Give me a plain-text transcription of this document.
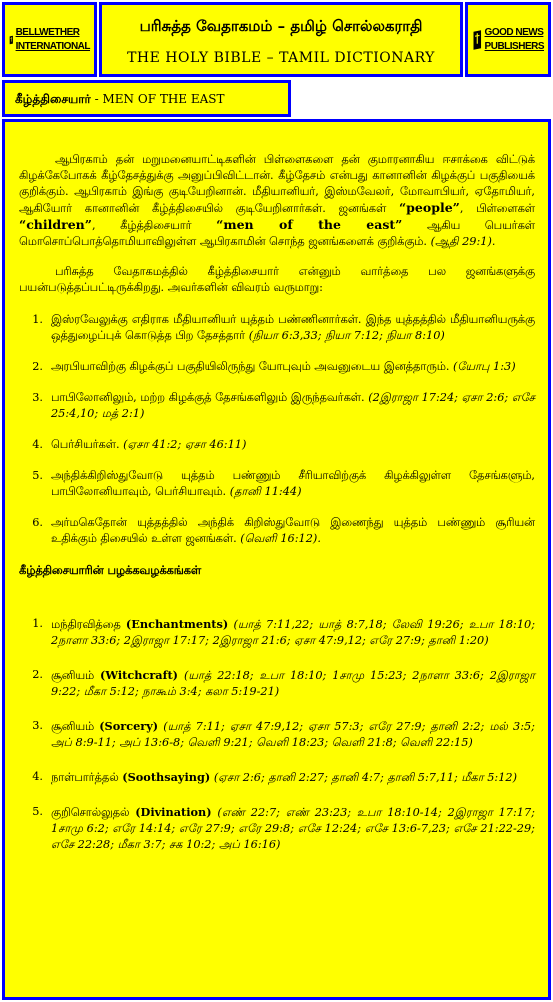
BELLWETHER
INTERNATIONAL
பரிசுத்த வேதாகமம் – தமிழ் சொல்லகராதி
THE HOLY BIBLE – TAMIL DICTIONARY
GOOD NEWS
PUBLISHERS
கீழ்த்திசையார் - MEN OF THE EAST

ஆபிரகாம் தன் மறுமனையாட்டிகளின் பிள்ளைகளை தன் குமாரனாகிய ஈசாக்கை விட்டுக் கிழக்கேபோகக் கீழ்தேசத்துக்கு அனுப்பிவிட்டான். கீழ்தேசம் என்பது கானானின் கிழக்குப் பகுதியைக் குறிக்கும். ஆபிரகாம் இங்கு குடியேறினான். மீதியானியர், இஸ்மவேலர், மோவாபியர், ஏதோமியர், ஆகியோர் கானானின் கீழ்த்திசையில் குடியேறினார்கள். ஜனங்கள் “people”, பிள்ளைகள் “children”, கீழ்த்திசையார் “men of the east” ஆகிய பெயர்கள் மொசொப்பொத்தொமியாவிலுள்ள ஆபிரகாமின் சொந்த ஜனங்களைக் குறிக்கும். (ஆதி 29:1).

பரிசுத்த வேதாகமத்தில் கீழ்த்திசையார் என்னும் வார்த்தை பல ஜனங்களுக்கு பயன்படுத்தப்பட்டிருக்கிறது. அவர்களின் விவரம் வருமாறு:

1. இஸ்ரவேலுக்கு எதிராக மீதியானியர் யுத்தம் பண்ணினார்கள். இந்த யுத்தத்தில் மீதியானியருக்கு ஒத்துழைப்புக் கொடுத்த பிற தேசத்தார் (நியா 6:3,33; நியா 7:12; நியா 8:10)
2. அரபியாவிற்கு கிழக்குப் பகுதியிலிருந்து யோபுவும் அவனுடைய இனத்தாரும். (யோபு 1:3)
3. பாபிலோனிலும், மற்ற கிழக்குத் தேசங்களிலும் இருந்தவர்கள். (2இராஜா 17:24; ஏசா 2:6; எசே 25:4,10; மத் 2:1)
4. பெர்சியர்கள். (ஏசா 41:2; ஏசா 46:11)
5. அந்திக்கிறிஸ்துவோடு யுத்தம் பண்ணும் சீரியாவிற்குக் கிழக்கிலுள்ள தேசங்களும், பாபிலோனியாவும், பெர்சியாவும். (தானி 11:44)
6. அர்மகெதோன் யுத்தத்தில் அந்திக் கிறிஸ்துவோடு இணைந்து யுத்தம் பண்ணும் சூரியன் உதிக்கும் திசையில் உள்ள ஜனங்கள். (வெளி 16:12).
கீழ்த்திசையாரின் பழக்கவழக்கங்கள்
1. மந்திரவித்தை (Enchantments) (யாத் 7:11,22; யாத் 8:7,18; லேவி 19:26; உபா 18:10; 2நாளா 33:6; 2இராஜா 17:17; 2இராஜா 21:6; ஏசா 47:9,12; எரே 27:9; தானி 1:20)
2. சூனியம் (Witchcraft) (யாத் 22:18; உபா 18:10; 1சாமு 15:23; 2நாளா 33:6; 2இராஜா 9:22; மீகா 5:12; நாகூம் 3:4; கலா 5:19-21)
3. சூனியம் (Sorcery) (யாத் 7:11; ஏசா 47:9,12; ஏசா 57:3; எரே 27:9; தானி 2:2; மல் 3:5; அப் 8:9-11; அப் 13:6-8; வெளி 9:21; வெளி 18:23; வெளி 21:8; வெளி 22:15)
4. நாள்பார்த்தல் (Soothsaying) (ஏசா 2:6; தானி 2:27; தானி 4:7; தானி 5:7,11; மீகா 5:12)
5. குறிசொல்லுதல் (Divination) (எண் 22:7; எண் 23:23; உபா 18:10-14; 2இராஜா 17:17; 1சாமு 6:2; எரே 14:14; எரே 27:9; எரே 29:8; எசே 12:24; எசே 13:6-7,23; எசே 21:22-29; எசே 22:28; மீகா 3:7; சக 10:2; அப் 16:16)
